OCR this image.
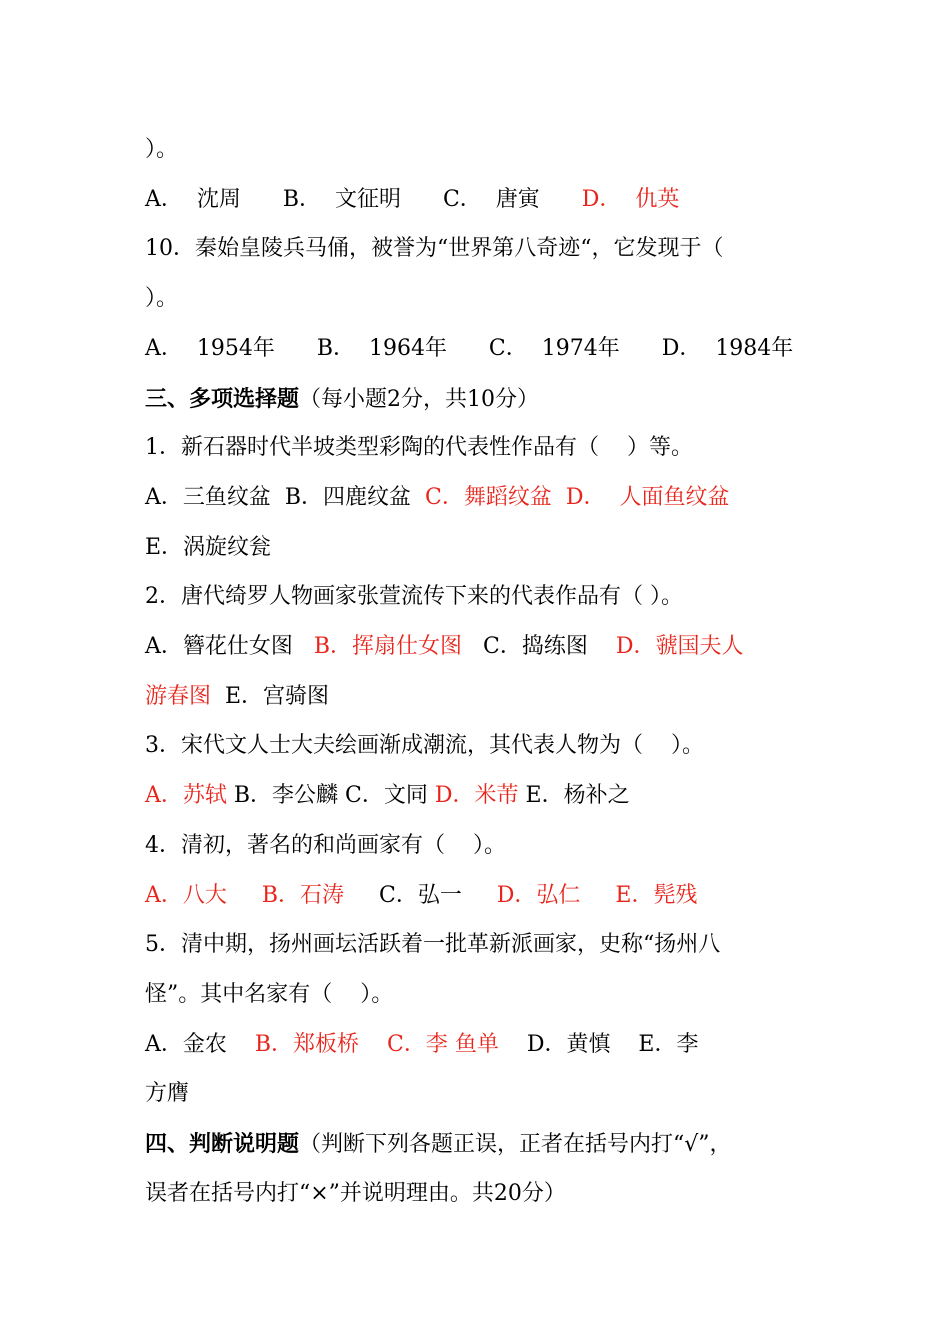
）。
A．  沈周      B．  文征明      C．  唐寅      D．  仇英
10．秦始皇陵兵马俑，被誉为“世界第八奇迹“，它发现于（
）。
A．  1954年      B．  1964年      C．  1974年      D．  1984年
三、多项选择题（每小题2分，共10分）
1．新石器时代半坡类型彩陶的代表性作品有（    ）等。
A．三鱼纹盆  B．四鹿纹盆  C．舞蹈纹盆  D．  人面鱼纹盆
E．涡旋纹瓮
2．唐代绮罗人物画家张萱流传下来的代表作品有（ ）。
A．簪花仕女图   B．挥扇仕女图   C．捣练图    D．虢国夫人
游春图  E．宫骑图
3．宋代文人士大夫绘画渐成潮流，其代表人物为（    ）。
A．苏轼 B．李公麟 C．文同 D．米芾 E．杨补之
4．清初，著名的和尚画家有（    ）。
A．八大     B．石涛     C．弘一     D．弘仁     E．髡残
5．清中期，扬州画坛活跃着一批革新派画家，史称“扬州八
怪”。其中名家有（    ）。
A．金农    B．郑板桥    C．李 鱼单    D．黄慎    E．李
方膺
四、判断说明题（判断下列各题正误，正者在括号内打“√”，
误者在括号内打“×”并说明理由。共20分）
